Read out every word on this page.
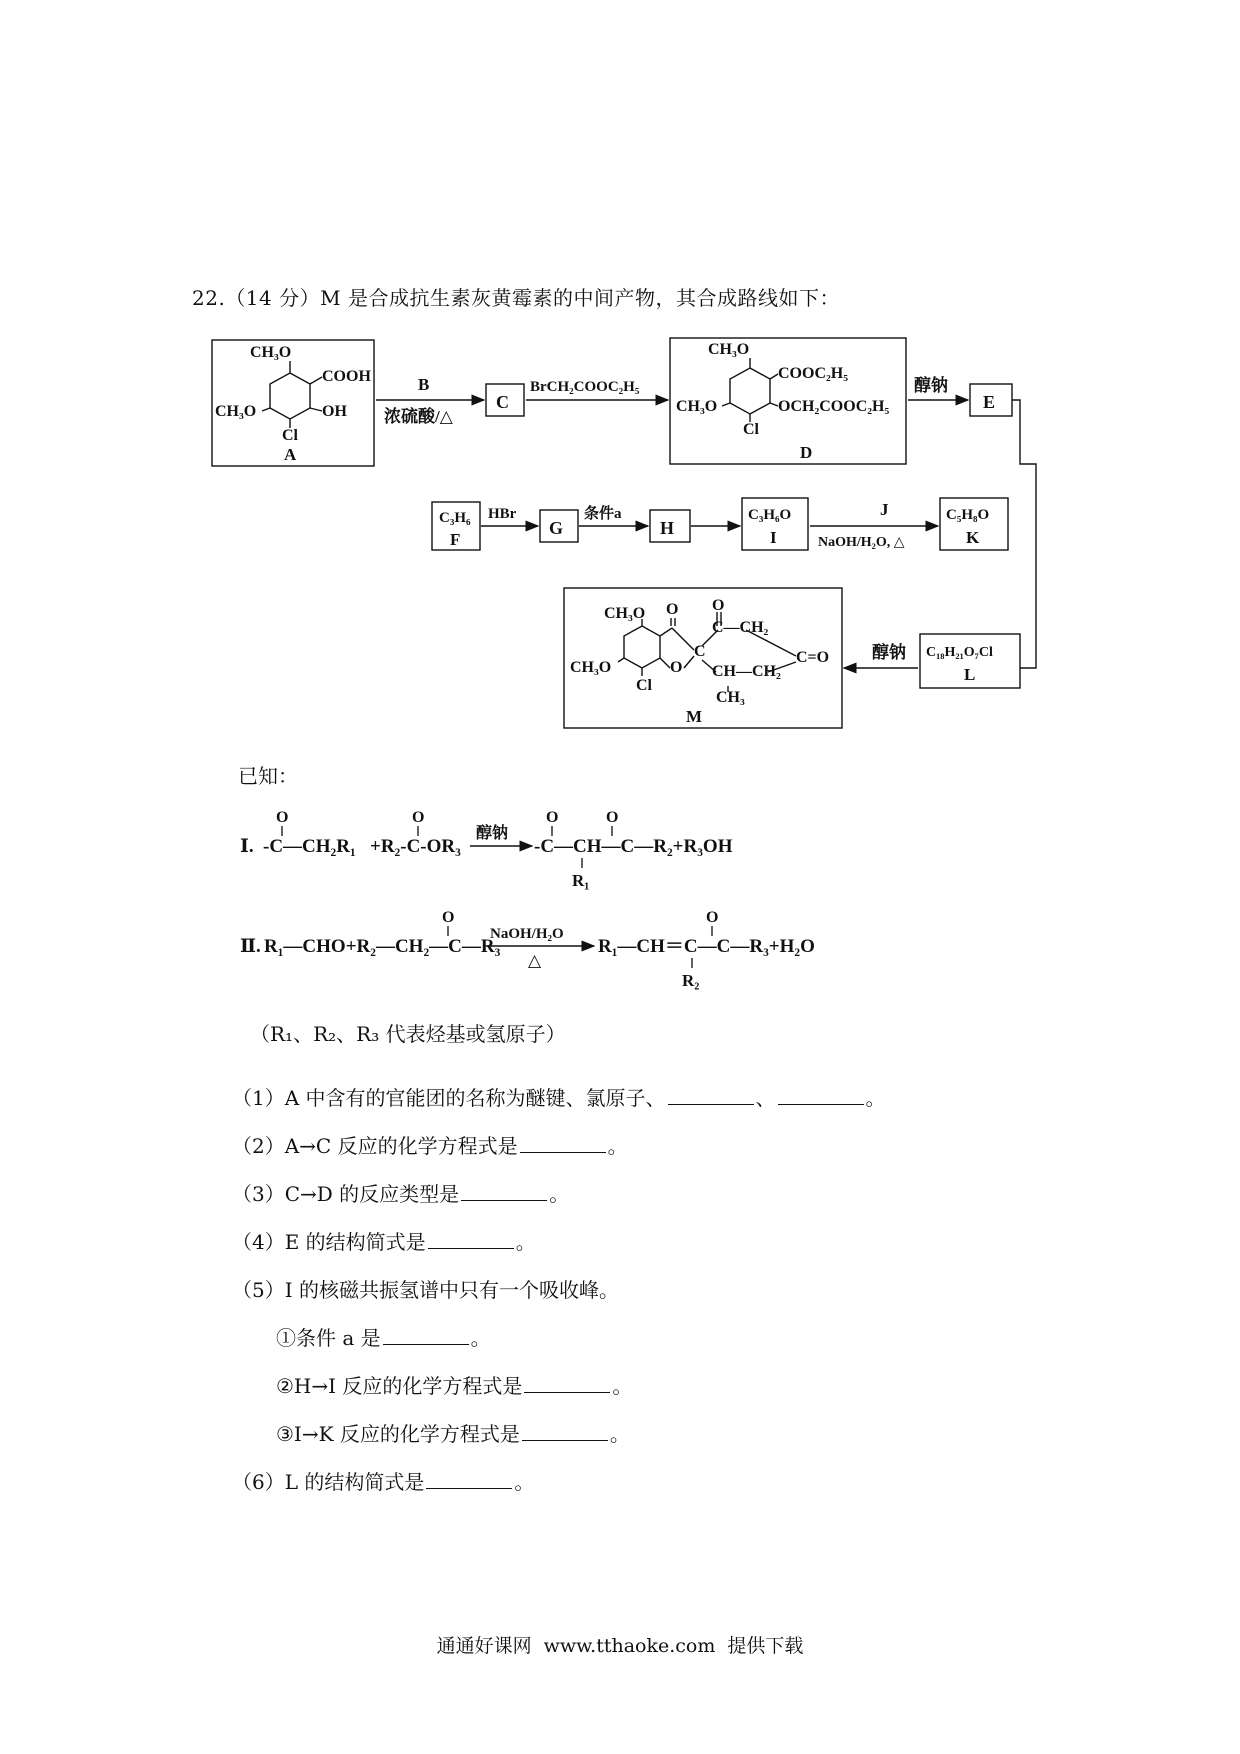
22.（14 分）M 是合成抗生素灰黄霉素的中间产物，其合成路线如下：
CH₃O
COOH
CH₃O	OH
Cl
A
B
浓硫酸/△
C
BrCH₂COOC₂H₅
CH₃O
COOC₂H₅
CH₃O	OCH₂COOC₂H₅
Cl
D
醇钠
E
C₃H₆
F
HBr
G
条件a
H
C₃H₆O
I
J
NaOH/H₂O, △
C₅H₈O
K
CH₃O O O
C—CH₂
C	C=O
CH₃O	O CH—CH₂
Cl
CH₃
M
醇钠 C₁₈H₂₁O₇Cl
L
Ⅰ.
O
-C—CH₂R₁
O
+R₂-C-OR₃
醇钠
O	O
-C—CH—C—R₂+R₃OH
R₁
Ⅱ. R₁—CHO+R₂—CH₂—C—R₃
O
NaOH/H₂O
△
R₁—CH＝C—C—R₃+H₂O
O
R₂
已知：
（R₁、R₂、R₃ 代表烃基或氢原子）
（1）A 中含有的官能团的名称为醚键、氯原子、	、	。
（2）A→C 反应的化学方程式是	。
（3）C→D 的反应类型是	。
（4）E 的结构简式是	。
（5）I 的核磁共振氢谱中只有一个吸收峰。
①条件 a 是	。
②H→I 反应的化学方程式是	。
③I→K 反应的化学方程式是	。
（6）L 的结构简式是	。
通通好课网 www.tthaoke.com 提供下载
